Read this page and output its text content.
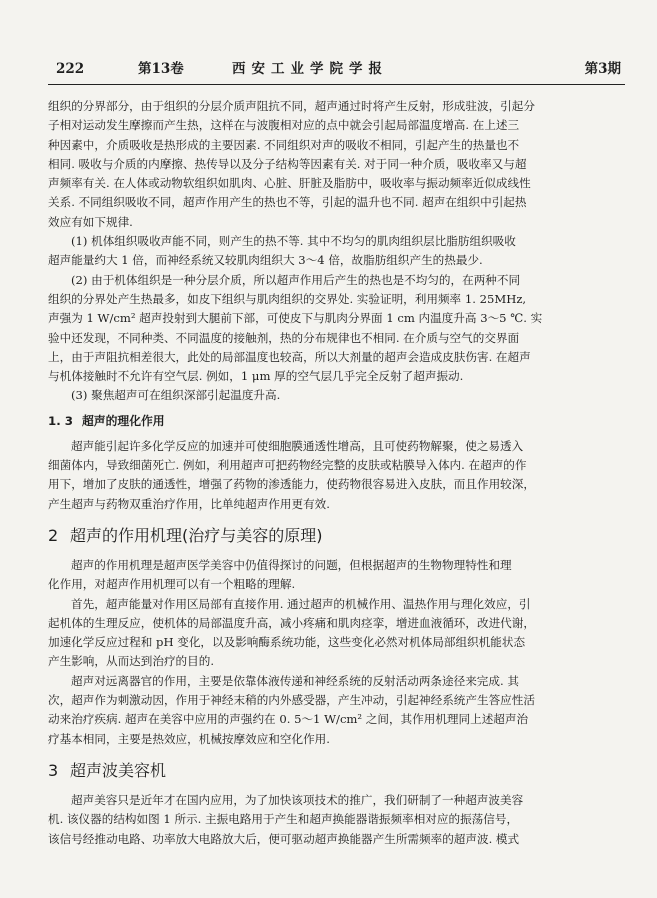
222	第13卷	西安工业学院学报	第3期
组织的分界部分，由于组织的分层介质声阻抗不同，超声通过时将产生反射，形成驻波，引起分
子相对运动发生摩擦而产生热，这样在与波腹相对应的点中就会引起局部温度增高. 在上述三
种因素中，介质吸收是热形成的主要因素. 不同组织对声的吸收不相同，引起产生的热量也不
相同. 吸收与介质的内摩擦、热传导以及分子结构等因素有关. 对于同一种介质，吸收率又与超
声频率有关. 在人体或动物软组织如肌肉、心脏、肝脏及脂肪中，吸收率与振动频率近似成线性
关系. 不同组织吸收不同，超声作用产生的热也不等，引起的温升也不同. 超声在组织中引起热
效应有如下规律.
(1) 机体组织吸收声能不同，则产生的热不等. 其中不均匀的肌肉组织层比脂肪组织吸收
超声能量约大 1 倍，而神经系统又较肌肉组织大 3～4 倍，故脂肪组织产生的热最少.
(2) 由于机体组织是一种分层介质，所以超声作用后产生的热也是不均匀的，在两种不同
组织的分界处产生热最多，如皮下组织与肌肉组织的交界处. 实验证明，利用频率 1. 25MHz,
声强为 1 W/cm² 超声投射到大腿前下部，可使皮下与肌肉分界面 1 cm 内温度升高 3～5 ℃. 实
验中还发现，不同种类、不同温度的接触剂，热的分布规律也不相同. 在介质与空气的交界面
上，由于声阻抗相差很大，此处的局部温度也较高，所以大剂量的超声会造成皮肤伤害. 在超声
与机体接触时不允许有空气层. 例如，1 μm 厚的空气层几乎完全反射了超声振动.
(3) 聚焦超声可在组织深部引起温度升高.
1. 3 超声的理化作用
超声能引起许多化学反应的加速并可使细胞膜通透性增高，且可使药物解聚，使之易透入
细菌体内，导致细菌死亡. 例如，利用超声可把药物经完整的皮肤或粘膜导入体内. 在超声的作
用下，增加了皮肤的通透性，增强了药物的渗透能力，使药物很容易进入皮肤，而且作用较深，
产生超声与药物双重治疗作用，比单纯超声作用更有效.
2 超声的作用机理(治疗与美容的原理)
超声的作用机理是超声医学美容中仍值得探讨的问题，但根据超声的生物物理特性和理
化作用，对超声作用机理可以有一个粗略的理解.
首先，超声能量对作用区局部有直接作用. 通过超声的机械作用、温热作用与理化效应，引
起机体的生理反应，使机体的局部温度升高，减小疼痛和肌肉痉挛，增进血液循环，改进代谢，
加速化学反应过程和 pH 变化，以及影响酶系统功能，这些变化必然对机体局部组织机能状态
产生影响，从而达到治疗的目的.
超声对远离器官的作用，主要是依靠体液传递和神经系统的反射活动两条途径来完成. 其
次，超声作为刺激动因，作用于神经末稍的内外感受器，产生冲动，引起神经系统产生答应性活
动来治疗疾病. 超声在美容中应用的声强约在 0. 5～1 W/cm² 之间，其作用机理同上述超声治
疗基本相同，主要是热效应，机械按摩效应和空化作用.
3 超声波美容机
超声美容只是近年才在国内应用，为了加快该项技术的推广，我们研制了一种超声波美容
机. 该仪器的结构如图 1 所示. 主振电路用于产生和超声换能器谐振频率相对应的振荡信号，
该信号经推动电路、功率放大电路放大后，便可驱动超声换能器产生所需频率的超声波. 模式
